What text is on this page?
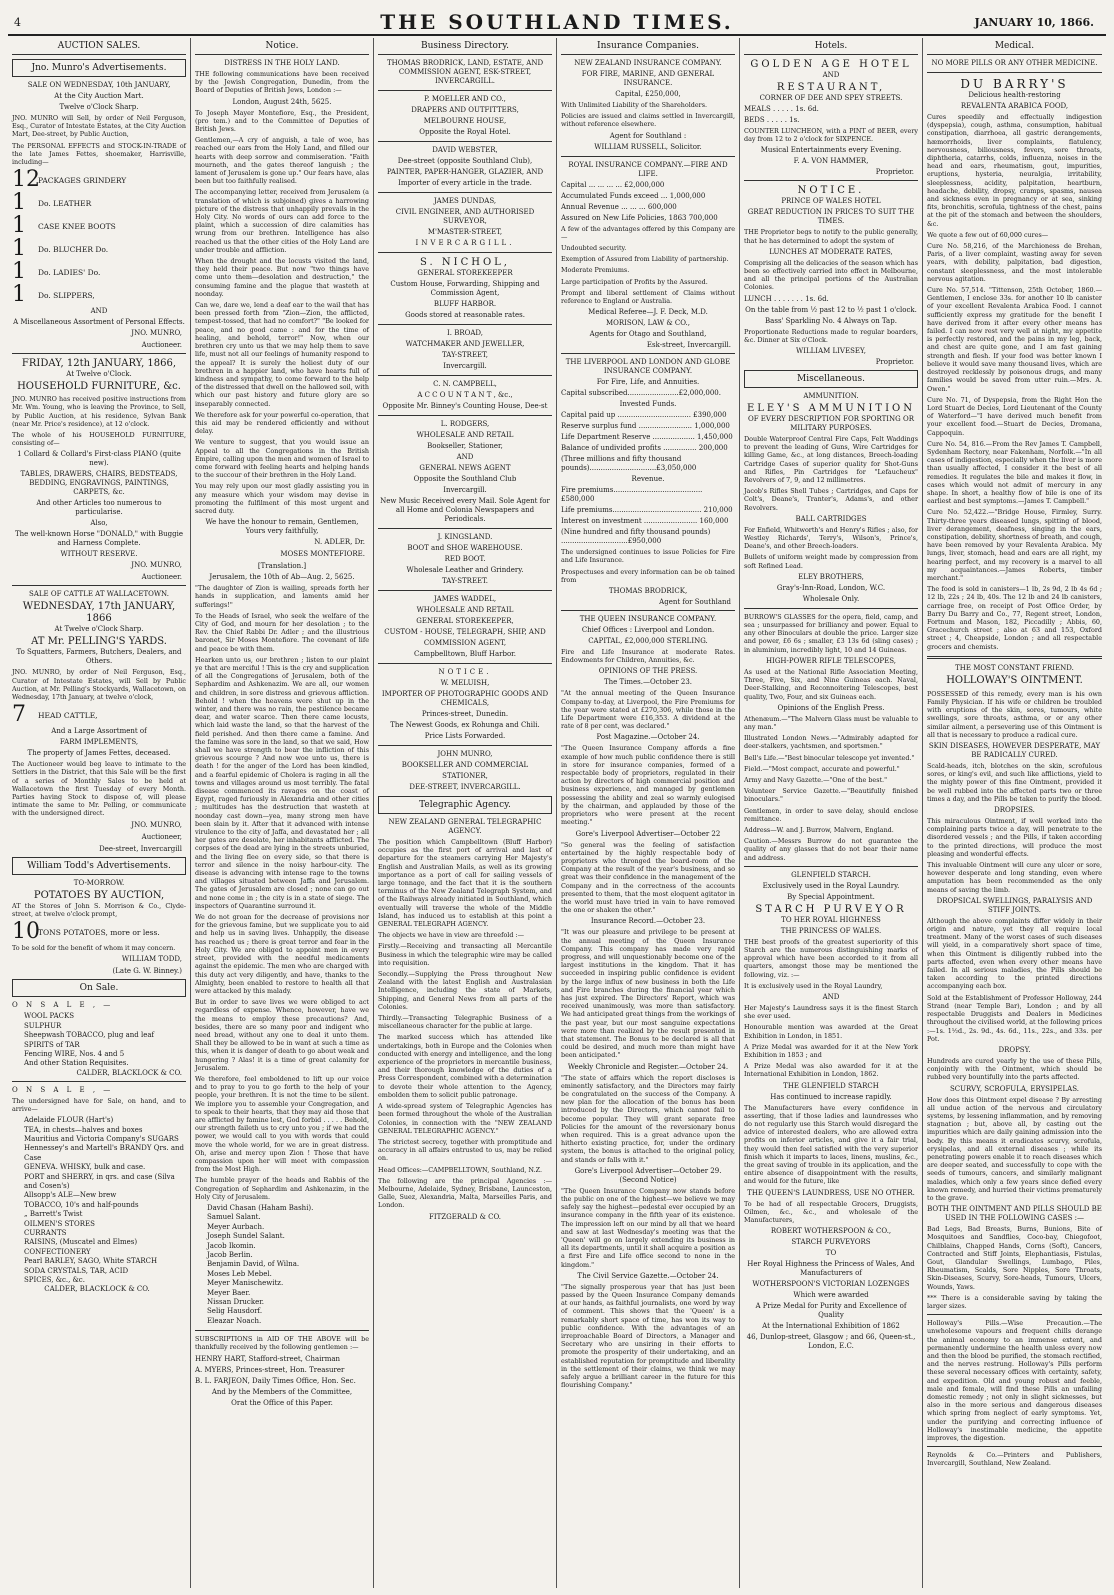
4	THE SOUTHLAND TIMES.	JANUARY 10, 1866.
AUCTION SALES.
Jno. Munro's Advertisements.

SALE ON WEDNESDAY, 10th JANUARY,

At the City Auction Mart.

Twelve o'Clock Sharp.

JNO. MUNRO will Sell, by order of Neil Ferguson, Esq., Curator of Intestate Estates, at the City Auction Mart, Dee-street, by Public Auction,

The PERSONAL EFFECTS and STOCK-IN-TRADE of the late James Fettes, shoemaker, Harrisville, including—

12
PACKAGES GRINDERY
1	Do. LEATHER
1	CASE KNEE BOOTS
1	Do. BLUCHER Do.
1	Do. LADIES' Do.
1	Do. SLIPPERS,

AND

A Miscellaneous Assortment of Personal Effects.

JNO. MUNRO,

Auctioneer.

FRIDAY, 12th JANUARY, 1866,

At Twelve o'Clock.

HOUSEHOLD FURNITURE, &c.

JNO. MUNRO has received positive instructions from Mr. Wm. Young, who is leaving the Province, to Sell, by Public Auction, at his residence, Sylvan Bank (near Mr. Price's residence), at 12 o'clock.

The whole of his HOUSEHOLD FURNITURE, consisting of—

1 Collard & Collard's First-class PIANO (quite new).

TABLES, DRAWERS, CHAIRS, BEDSTEADS, BEDDING, ENGRAVINGS, PAINTINGS, CARPETS, &c.

And other Articles too numerous to particularise.

Also,

The well-known Horse "DONALD," with Buggie and Harness Complete.

WITHOUT RESERVE.

JNO. MUNRO,

Auctioneer.

SALE OF CATTLE AT WALLACETOWN.

WEDNESDAY, 17th JANUARY, 1866

At Twelve o'Clock Sharp.

AT Mr. PELLING'S YARDS.

To Squatters, Farmers, Butchers, Dealers, and Others.

JNO. MUNRO, by order of Neil Ferguson, Esq., Curator of Intestate Estates, will Sell by Public Auction, at Mr. Pelling's Stockyards, Wallacetown, on Wednesday, 17th January, at twelve o'clock,

7	HEAD CATTLE,

And a Large Assortment of

FARM IMPLEMENTS,

The property of James Fettes, deceased.

The Auctioneer would beg leave to intimate to the Settlers in the District, that this Sale will be the first of a series of Monthly Sales to be held at Wallacetown the first Tuesday of every Month. Parties having Stock to dispose of, will please intimate the same to Mr. Pelling, or communicate with the undersigned direct.

JNO. MUNRO,

Auctioneer,

Dee-street, Invercargill

William Todd's Advertisements.

TO-MORROW.

POTATOES BY AUCTION,

AT the Stores of John S. Morrison & Co., Clyde-street, at twelve o'clock prompt,

10
TONS POTATOES, more or less.

To be sold for the benefit of whom it may concern.

WILLIAM TODD,

(Late G. W. Binney.)

On Sale.

O N S A L E , —

WOOL PACKS

SULPHUR

Sheepwash TOBACCO, plug and leaf

SPIRITS of TAR

Fencing WIRE, Nos. 4 and 5

And other Station Requisites.

CALDER, BLACKLOCK & CO.

O N S A L E , —

The undersigned have for Sale, on hand, and to arrive—

Adelaide FLOUR (Hart's)

TEA, in chests—halves and boxes

Mauritius and Victoria Company's SUGARS

Hennessey's and Martell's BRANDY Qrs. and Case

GENEVA. WHISKY, bulk and case.

PORT and SHERRY, in qrs. and case (Silva and Cosen's)

Allsopp's ALE—New brew

TOBACCO, 10's and half-pounds

„ Barrett's Twist

OILMEN'S STORES

CURRANTS

RAISINS, (Muscatel and Elmes)

CONFECTIONERY

Pearl BARLEY, SAGO, White STARCH

SODA CRYSTALS, TAR, ACID

SPICES, &c., &c.

CALDER, BLACKLOCK & CO.

Notice.

DISTRESS IN THE HOLY LAND.

THE following communications have been received by the Jewish Congregation, Dunedin, from the Board of Deputies of British Jews, London :—

London, August 24th, 5625.

To Joseph Mayer Montefiore, Esq., the President, (pro tem.) and to the Committee of Deputies of British Jews.

Gentlemen,—A cry of anguish, a tale of woe, has reached our ears from the Holy Land, and filled our hearts with deep sorrow and commiseration. "Faith mourneth, and the gates thereof languish ; the lament of Jerusalem is gone up." Our fears have, alas been but too faithfully realised.

The accompanying letter, received from Jerusalem (a translation of which is subjoined) gives a harrowing picture of the distress that unhappily prevails in the Holy City. No words of ours can add force to the plaint, which a succession of dire calamities has wrung from our brethren. Intelligence has also reached us that the other cities of the Holy Land are under trouble and affliction.

When the drought and the locusts visited the land, they held their peace. But now "two things have come unto them—desolation and destruction," the consuming famine and the plague that wasteth at noonday.

Can we, dare we, lend a deaf ear to the wail that has been pressed forth from "Zion—Zion, the afflicted, tempest-tossed, that had no comfort?" "Be looked for peace, and no good came : and for the time of healing, and behold, terror!" Now, when our brethren cry unto us that we may help them to save life, must not all our feelings of humanity respond to the appeal? It is surely the holiest duty of our brethren in a happier land, who have hearts full of kindness and sympathy, to come forward to the help of the distressed that dwell on the hallowed soil, with which our past history and future glory are so inseparably connected.

We therefore ask for your powerful co-operation, that this aid may be rendered efficiently and without delay.

We venture to suggest, that you would issue an Appeal to all the Congregations in the British Empire, calling upon the men and women of Israel to come forward with feeling hearts and helping hands to the succour of their brethren in the Holy Land.

You may rely upon our most gladly assisting you in any measure which your wisdom may devise in promoting the fulfilment of this most urgent and sacred duty.

We have the honour to remain, Gentlemen, Yours very faithfully,

N. ADLER, Dr.

MOSES MONTEFIORE.

[Translation.]

Jerusalem, the 10th of Ab—Aug. 2, 5625.

"The daughter of Zion is wailing, spreads forth her hands in supplication, and laments amid her sufferings!"

To the Heads of Israel, who seek the welfare of the City of God, and mourn for her desolation ; to the Rev. the Chief Rabbi Dr. Adler ; and the illustrious baronet, Sir Moses Montefiore. The covenant of life and peace be with them.

Hearken unto us, our brethren ; listen to our plaint ye that are merciful ! This is the cry and supplication of all the Congregations of Jerusalem, both of the Sephardim and Ashkenazim. We are all, our women and children, in sore distress and grievous affliction. Behold ! when the heavens were shut up in the winter, and there was no rain, the pestilence became dear, and water scarce. Then there came locusts, which laid waste the land, so that the harvest of the field perished. And then there came a famine. And the famine was sore in the land, so that we said, How shall we have strength to bear the infliction of this grievous scourge ? And now woe unto us, there is death ! for the anger of the Lord has been kindled, and a fearful epidemic of Cholera is raging in all the towns and villages around us most terribly. The fatal disease commenced its ravages on the coast of Egypt, raged furiously in Alexandria and other cities ; multitudes has the destruction that wasteth at noonday cast down—yea, many strong men have been slain by it. After that it advanced with intense virulence to the city of Jaffa, and devastated her ; all her gates are desolate, her inhabitants afflicted. The corpses of the dead are lying in the streets unburied, and the living flee on every side, so that there is terror and silence in the noisy harbour-city. The disease is advancing with intense rage to the towns and villages situated between Jaffa and Jerusalem. The gates of Jerusalem are closed ; none can go out and none come in ; the city is in a state of siege. The inspectors of Quarantine surround it.

We do not groan for the decrease of provisions nor for the grievous famine, but we supplicate you to aid and help us in saving lives. Unhappily, the disease has reached us ; there is great terror and fear in the Holy City. We are obliged to appoint men in every street, provided with the needful medicaments against the epidemic. The men who are charged with this duty act very diligently, and have, thanks to the Almighty, been enabled to restore to health all that were attacked by this malady.

But in order to save lives we were obliged to act regardless of expense. Whence, however, have we the means to employ these precautions? And, besides, there are so many poor and indigent who need bread, without any one to deal it unto them. Shall they be allowed to be in want at such a time as this, when it is danger of death to go about weak and hungering ? Alas! it is a time of great calamity for Jerusalem.

We therefore, feel emboldened to lift up our voice and to pray to you to go forth to the help of your people, your brethren. It is not the time to be silent. We implore you to assemble your Congregation, and to speak to their hearts, that they may aid those that are afflicted by famine lest, God forbid . . . . . Behold, our strength faileth us to cry unto you ; if we had the power, we would call to you with words that could move the whole world, for we are in great distress. Oh, arise and mercy upon Zion ! Those that have compassion upon her will meet with compassion from the Most High.

The humble prayer of the heads and Rabbis of the Congregation of Sephardim and Ashkenazim, in the Holy City of Jerusalem.

David Chasan (Haham Bashi).

Samuel Salant.

Meyer Aurbach.

Joseph Sundel Salant.

Jacob Ikomin.

Jacob Berlin.

Benjamin David, of Wilna.

Moses Leb Mebel.

Meyer Manischewitz.

Meyer Baer.

Nissan Drucker.

Selig Hausdorf.

Eleazar Noach.

SUBSCRIPTIONS in AID OF THE ABOVE will be thankfully received by the following gentlemen :—

HENRY HART, Stafford-street, Chairman

A. MYERS, Princes-street, Hon. Treasurer

B. L. FARJEON, Daily Times Office, Hon. Sec.

And by the Members of the Committee,

Orat the Office of this Paper.

Business Directory.

THOMAS BRODRICK, LAND, ESTATE, AND COMMISSION AGENT, ESK-STREET, INVERCARGILL.

P. MOELLER AND CO.,

DRAPERS AND OUTFITTERS,

MELBOURNE HOUSE,

Opposite the Royal Hotel.

DAVID WEBSTER,

Dee-street (opposite Southland Club),

PAINTER, PAPER-HANGER, GLAZIER, AND

Importer of every article in the trade.

JAMES DUNDAS,

CIVIL ENGINEER, AND AUTHORISED SURVEYOR,

M'MASTER-STREET,

INVERCARGILL.

S. NICHOL,

GENERAL STOREKEEPER

Custom House, Forwarding, Shipping and Commission Agent,

BLUFF HARBOR.

Goods stored at reasonable rates.

I. BROAD,

WATCHMAKER AND JEWELLER,

TAY-STREET,

Invercargill.

C. N. CAMPBELL,

A C C O U N T A N T , &c.,

Opposite Mr. Binney's Counting House, Dee-st

L. RODGERS,

WHOLESALE AND RETAIL

Bookseller, Stationer,

AND

GENERAL NEWS AGENT

Opposite the Southland Club

Invercargill.

New Music Received every Mail. Sole Agent for all Home and Colonia Newspapers and Periodicals.

J. KINGSLAND.

BOOT and SHOE WAREHOUSE.

RED BOOT.

Wholesale Leather and Grindery.

TAY-STREET.

JAMES WADDEL,

WHOLESALE AND RETAIL

GENERAL STOREKEEPER,

CUSTOM - HOUSE, TELEGRAPH, SHIP, AND

COMMISSION AGENT,

Campbelltown, Bluff Harbor.

NOTICE.

W. MELUISH,

IMPORTER OF PHOTOGRAPHIC GOODS AND CHEMICALS,

Princes-street, Dunedin.

The Newest Goods, ex Rohunga and Chili.

Price Lists Forwarded.

JOHN MUNRO,

BOOKSELLER AND COMMERCIAL

STATIONER,

DEE-STREET, INVERCARGILL.

Telegraphic Agency.

NEW ZEALAND GENERAL TELEGRAPHIC AGENCY.

The position which Campbelltown (Bluff Harbor) occupies as the first port of arrival and last of departure for the steamers carrying Her Majesty's English and Australian Mails, as well as its growing importance as a port of call for sailing vessels of large tonnage, and the fact that it is the southern terminus of the New Zealand Telegraph System, and of the Railways already initiated in Southland, which eventually will traverse the whole of the Middle Island, has induced us to establish at this point a GENERAL TELEGRAPH AGENCY.

The objects we have in view are threefold :—

Firstly.—Receiving and transacting all Mercantile Business in which the telegraphic wire may be called into requisition.

Secondly.—Supplying the Press throughout New Zealand with the latest English and Australasian Intelligence, including the state of Markets, Shipping, and General News from all parts of the Colonies.

Thirdly.—Transacting Telegraphic Business of a miscellaneous character for the public at large.

The marked success which has attended like undertakings, both in Europe and the Colonies when conducted with energy and intelligence, and the long experience of the proprietors in mercantile business, and their thorough knowledge of the duties of a Press Correspondent, combined with a determination to devote their whole attention to the Agency, embolden them to solicit public patronage.

A wide-spread system of Telegraphic Agencies has been formed throughout the whole of the Australian Colonies, in connection with the "NEW ZEALAND GENERAL TELEGRAPHIC AGENCY."

The strictest secrecy, together with promptitude and accuracy in all affairs entrusted to us, may be relied on.

Head Offices:—CAMPBELLTOWN, Southland, N.Z.

The following are the principal Agencies :— Melbourne, Adelaide, Sydney, Brisbane, Launceston, Galle, Suez, Alexandria, Malta, Marseilles Paris, and London.

FITZGERALD & CO.

Insurance Companies.

NEW ZEALAND INSURANCE COMPANY.

FOR FIRE, MARINE, AND GENERAL INSURANCE.

Capital, £250,000,

With Unlimited Liability of the Shareholders.

Policies are issued and claims settled in Invercargill, without reference elsewhere.

Agent for Southland :

WILLIAM RUSSELL, Solicitor.

ROYAL INSURANCE COMPANY.—FIRE AND LIFE.

Capital ... ... ... ... £2,000,000

Accumulated Funds exceed ... 1,000,000

Annual Revenue ... ... ... 600,000

Assured on New Life Policies, 1863 700,000

A few of the advantages offered by this Company are—

Undoubted security.

Exemption of Assured from Liability of partnership.

Moderate Premiums.

Large participation of Profits by the Assured.

Prompt and liberal settlement of Claims without reference to England or Australia.

Medical Referee—J. F. Deck, M.D.

MORISON, LAW & CO.,

Agents for Otago and Southland,

Esk-street, Invercargill.

THE LIVERPOOL AND LONDON AND GLOBE INSURANCE COMPANY.

For Fire, Life, and Annuities.

Capital subscribed.......................£2,000,000.

Invested Funds.

Capital paid up ................................. £390,000

Reserve surplus fund ........................ 1,000,000

Life Department Reserve ................... 1,450,000

Balance of undivided profits ............... 200,000

(Three millions and fifty thousand pounds)..............................£3,050,000

Revenue.

Fire premiums........................................£580,000

Life premiums........................................ 210,000

Interest on investment ........................ 160,000

(Nine hundred and fifty thousand pounds) ..............................£950,000

The undersigned continues to issue Policies for Fire and Life Insurance.

Prospectuses and every information can be ob tained from

THOMAS BRODRICK,

Agent for Southland

THE QUEEN INSURANCE COMPANY.

Chief Offices : Liverpool and London.

CAPITAL, £2,000,000 STERLING.

Fire and Life Insurance at moderate Rates. Endowments for Children, Annuities, &c.

OPINIONS OF THE PRESS.

The Times.—October 23.

"At the annual meeting of the Queen Insurance Company to-day, at Liverpool, the Fire Premiums for the year were stated at £270,306, while those in the Life Department were £16,353. A dividend at the rate of 8 per cent, was declared."

Post Magazine.—October 24.

"The Queen Insurance Company affords a fine example of how much public confidence there is still in store for insurance companies, formed of a respectable body of proprietors, regulated in their action by directors of high commercial position and business experience, and managed by gentlemen possessing the ability and zeal so warmly eulogised by the chairman, and applauded by those of the proprietors who were present at the recent meeting."

Gore's Liverpool Advertiser—October 22

"So general was the feeling of satisfaction entertained by the highly respectable body of proprietors who thronged the board-room of the Company at the result of the year's business, and so great was their confidence in the management of the Company and in the correctness of the accounts presented to them, that the most eloquent agitator in the world must have tried in vain to have removed the one or shaken the other."

Insurance Record.—October 23.

"It was our pleasure and privilege to be present at the annual meeting of the Queen Insurance Company. This company has made very rapid progress, and will unquestionably become one of the largest institutions in the kingdom. That it has succeeded in inspiring public confidence is evident by the large influx of new business in both the Life and Fire branches during the financial year which has just expired. The Directors' Report, which was received unanimously, was more than satisfactory. We had anticipated great things from the workings of the past year, but our most sanguine expectations were more than realized by the result presented in that statement. The Bonus to be declared is all that could be desired, and much more than might have been anticipated."

Weekly Chronicle and Register.—October 24.

"The state of affairs which the report discloses is eminently satisfactory, and the Directors may fairly be congratulated on the success of the Company. A new plan for the allocation of the bonus has been introduced by the Directors, which cannot fail to become popular. They will grant separate free Policies for the amount of the reversionary bonus when required. This is a great advance upon the hitherto existing practice, for, under the ordinary system, the bonus is attached to the original policy, and stands or falls with it."

Gore's Liverpool Advertiser—October 29. (Second Notice)

"The Queen Insurance Company now stands before the public on one of the highest—we believe we may safely say the highest—pedestal ever occupied by an insurance company in the fifth year of its existence. The impression left on our mind by all that we heard and saw at last Wednesday's meeting was that the 'Queen' will go on largely extending its business in all its departments, until it shall acquire a position as a first Fire and Life office second to none in the kingdom."

The Civil Service Gazette.—October 24.

"The signally prosperous year that has just been passed by the Queen Insurance Company demands at our hands, as faithful journalists, one word by way of comment. This shows that the 'Queen' is a remarkably short space of time, has won its way to public confidence. With the advantages of an irreproachable Board of Directors, a Manager and Secretary who are unsiring in their efforts to promote the prosperity of their undertaking, and an established reputation for promptitude and liberality in the settlement of their claims, we think we may safely argue a brilliant career in the future for this flourishing Company."

Hotels.

GOLDEN AGE HOTEL

AND

RESTAURANT,

CORNER OF DEE AND SPEY STREETS.

MEALS . . . . . 1s. 6d.

BEDS . . . . . 1s.

COUNTER LUNCHEON, with a PINT of BEER, every day from 12 to 2 o'clock for SIXPENCE.

Musical Entertainments every Evening.

F. A. VON HAMMER,

Proprietor.

NOTICE.

PRINCE OF WALES HOTEL

GREAT REDUCTION IN PRICES TO SUIT THE TIMES.

THE Proprietor begs to notify to the public generally, that he has determined to adopt the system of

LUNCHES AT MODERATE RATES,

Comprising all the delicacies of the season which has been so effectively carried into effect in Melbourne, and all the principal portions of the Australian Colonies.

LUNCH . . . . . . . 1s. 6d.

On the table from ½ past 12 to ½ past 1 o'clock.

Bass' Sparkling No. 4 Always on Tap.

Proportionate Reductions made to regular boarders, &c. Dinner at Six o'Clock.

WILLIAM LIVESEY,

Proprietor.

Miscellaneous.

AMMUNITION.

ELEY'S AMMUNITION

OF EVERY DESCRIPTION FOR SPORTING OR MILITARY PURPOSES.

Double Waterproof Central Fire Caps, Felt Waddings to prevent the leading of Guns, Wire Cartridges for killing Game, &c., at long distances, Breech-loading Cartridge Cases of superior quality for Shot-Guns and Rifles, Pin Cartridges for "Lefaucheux" Revolvers of 7, 9, and 12 millimetres.

Jacob's Rifles Shell Tubes ; Cartridges, and Caps for Colt's, Deane's, Tranter's, Adams's, and other Revolvers.

BALL CARTRIDGES

For Enfield, Whitworth's and Henry's Rifles ; also, for Westley Richards', Terry's, Wilson's, Prince's, Deane's, and other Breech-loaders.

Bullets of uniform weight made by compression from soft Refined Lead.

ELEY BROTHERS,

Gray's-Inn-Road, London, W.C.

Wholesale Only.

BURROW'S GLASSES for the opera, field, camp, and sea ; unsurpassed for brilliancy and power. Equal to any other Binoculars at double the price. Larger size and power, £6 6s ; smaller, £3 13s 6d (sling cases) ; in aluminium, incredibly light, 10 and 14 Guineas.

HIGH-POWER RIFLE TELESCOPES,

As used at the National Rifle Association Meeting, Three, Five, Six, and Nine Guineas each. Naval, Deer-Stalking, and Reconnoitering Telescopes, best quality, Two, Four, and six Guineas each.

Opinions of the English Press.

Athenæum.—"The Malvern Glass must be valuable to any man."

Illustrated London News.—"Admirably adapted for deer-stalkers, yachtsmen, and sportsmen."

Bell's Life.—"Best binocular telescope yet invented."

Field.—"Most compact, accurate and powerful."

Army and Navy Gazette.—"One of the best."

Volunteer Service Gazette.—"Beautifully finished binoculars."

Gentlemen, in order to save delay, should enclose remittance.

Address—W. and J. Burrow, Malvern, England.

Caution.—Messrs Burrow do not guarantee the quality of any glasses that do not bear their name and address.

GLENFIELD STARCH.

Exclusively used in the Royal Laundry.

By Special Appointment.

STARCH PURVEYOR

TO HER ROYAL HIGHNESS

THE PRINCESS OF WALES.

THE best proofs of the greatest superiority of this Starch are the numerous distinguishing marks of approval which have been accorded to it from all quarters, amongst those may be mentioned the following, viz. :—

It is exclusively used in the Royal Laundry,

AND

Her Majesty's Laundress says it is the finest Starch she ever used.

Honourable mention was awarded at the Great Exhibition in London, in 1851.

A Prize Medal was awarded for it at the New York Exhibition in 1853 ; and

A Prize Medal was also awarded for it at the International Exhibition in London, 1862.

THE GLENFIELD STARCH

Has continued to increase rapidly.

The Manufacturers have every confidence in asserting, that if those ladies and laundresses who do not regularly use this Starch would disregard the advice of interested dealers, who are allowed extra profits on inferior articles, and give it a fair trial, they would then feel satisfied with the very superior finish which it imparts to laces, linens, muslins, &c., the great saving of trouble in its application, and the entire absence of disappointment with the results, and would for the future, like

THE QUEEN'S LAUNDRESS, USE NO OTHER.

To be had of all respectable Grocers, Druggists, Oilmen, &c., &c., and wholesale of the Manufacturers,

ROBERT WOTHERSPOON & CO.,

STARCH PURVEYORS

TO

Her Royal Highness the Princess of Wales, And Manufacturers of

WOTHERSPOON'S VICTORIAN LOZENGES

Which were awarded

A Prize Medal for Purity and Excellence of Quality

At the International Exhibition of 1862

46, Dunlop-street, Glasgow ; and 66, Queen-st., London, E.C.

Medical.

NO MORE PILLS OR ANY OTHER MEDICINE.

DU BARRY'S

Delicious health-restoring

REVALENTA ARABICA FOOD,

Cures speedily and effectually indigestion (dyspepsia), cough, asthma, consumption, habitual constipation, diarrhoea, all gastric derangements, hæmorrhoids, liver complaints, flatulency, nervousness, biliousness, fevers, sore throats, diphtheria, catarrhs, colds, influenza, noises in the head and ears, rheumatism, gout, impurities, eruptions, hysteria, neuralgia, irritability, sleeplessness, acidity, palpitation, heartburn, headache, debility, dropsy, cramps, spasms, nausea and sickness even in pregnancy or at sea, sinking fits, bronchitis, scrofula, tightness of the chest, pains at the pit of the stomach and between the shoulders, &c.

We quote a few out of 60,000 cures—

Cure No. 58,216, of the Marchioness de Brehan, Paris, of a liver complaint, wasting away for seven years, with debility, palpitation, bad digestion, constant sleeplessness, and the most intolerable nervous agitation.

Cure No. 57,514. "Tittenson, 25th October, 1860.—Gentlemen, I enclose 33s. for another 10 lb canister of your excellent Revalenta Arabica Food. I cannot sufficiently express my gratitude for the benefit I have derived from it after every other means has failed. I can now rest very well at night, my appetite is perfectly restored, and the pains in my leg, back, and chest are quite gone, and I am fast gaining strength and flesh. If your food was better known I believe it would save many thousand lives, which are destroyed recklessly by poisonous drugs, and many families would be saved from utter ruin.—Mrs. A. Owen."

Cure No. 71, of Dyspepsia, from the Right Hon the Lord Stuart de Decies, Lord Lieutenant of the County of Waterford—"I have derived much benefit from your excellent food.—Stuart de Decies, Dromana, Cappoquin.

Cure No. 54, 816.—From the Rev James T. Campbell, Sydenham Rectory, near Fakenham, Norfolk.—"In all cases of indigestion, especially when the liver is more than usually affected, I consider it the best of all remedies. It regulates the bile and makes it flow, in cases which would not admit of mercury in any shape. In short, a healthy flow of bile is one of its earliest and best symptoms.—James T. Campbell."

Cure No. 52,422.—"Bridge House, Firmley, Surry. Thirty-three years diseased lungs, spitting of blood, liver derangement, deafness, singing in the ears, constipation, debility, shortness of breath, and cough, have been removed by your Revalenta Arabica. My lungs, liver, stomach, head and ears are all right, my hearing perfect, and my recovery is a marvel to all my acquaintances.—James Roberts, timber merchant."

The food is sold in canisters—1 lb, 2s 9d, 2 lb 4s 6d ; 12 lb, 22s ; 24 lb, 40s. The 12 lb and 24 lb canisters, carriage free, on receipt of Post Office Order, by Barry Du Barry and Co., 77, Regent street, London, Fortnum and Mason, 182, Piccadilly ; Abbis, 60, Gracechurch street ; also at 63 and 153, Oxford street ; 4, Cheapside, London ; and all respectable grocers and chemists.

THE MOST CONSTANT FRIEND.

HOLLOWAY'S OINTMENT.

POSSESSED of this remedy, every man is his own Family Physician. If his wife or children be troubled with eruptions of the skin, sores, tumours, white swellings, sore throats, asthma, or or any other similar ailment, a persevering use of this Ointment is all that is necessary to produce a radical cure.

SKIN DISEASES, HOWEVER DESPERATE, MAY BE RADICALLY CURED.

Scald-heads, itch, blotches on the skin, scrofulous sores, or king's evil, and such like afflictions, yield to the mighty power of this fine Ointment, provided it be well rubbed into the affected parts two or three times a day, and the Pills be taken to purify the blood.

DROPSIES.

This miraculous Ointment, if well worked into the complaining parts twice a day, will penetrate to the disordered vessels ; and the Pills, if taken according to the printed directions, will produce the most pleasing and wonderful effects.

This invaluable Ointment will cure any ulcer or sore, however desperate and long standing, even where amputation has been recommended as the only means of saving the limb.

DROPSICAL SWELLINGS, PARALYSIS AND STIFF JOINTS.

Although the above complaints differ widely in their origin and nature, yet they all require local treatment. Many of the worst cases of such diseases will yield, in a comparatively short space of time, when this Ointment is diligently rubbed into the parts affected, even when every other means have failed. In all serious maladies, the Pills should be taken according to the printed directions accompanying each box.

Sold at the Establishment of Professor Holloway, 244 Strand (near Temple Bar), London ; and by all respectable Druggists and Dealers in Medicines throughout the civilised world, at the following prices :—1s. 1½d., 2s. 9d., 4s. 6d., 11s., 22s., and 33s. per Pot.

DROPSY.

Hundreds are cured yearly by the use of these Pills, conjointly with the Ointment, which should be rubbed very bountifully into the parts affected.

SCURVY, SCROFULA, ERYSIPELAS.

How does this Ointment expel disease ? By arresting all undue action of the nervous and circulatory systems, by lessening inflammation, and by removing stagnation ; but, above all, by casting out the impurities which are daily gaining admission into the body. By this means it eradicates scurvy, scrofula, erysipelas, and all external diseases ; while its penetrating powers enable it to reach diseases which are deeper seated, and successfully to cope with the seeds of tumours, cancers, and similarly malignant maladies, which only a few years since defied every known remedy, and hurried their victims prematurely to the grave.

BOTH THE OINTMENT AND PILLS SHOULD BE USED IN THE FOLLOWING CASES :—

Bad Legs, Bad Breasts, Burns, Bunions, Bite of Mosquitoes and Sandflies, Coco-bay, Chiegofoot, Chilblains, Chapped Hands, Corns (Soft), Cancers, Contracted and Stiff Joints, Elephantiasis, Fistulas, Gout, Glandular Swellings, Lumbago, Piles, Rheumatism, Scalds, Sore Nipples, Sore Throats, Skin-Diseases, Scurvy, Sore-heads, Tumours, Ulcers, Wounds, Yaws.

*** There is a considerable saving by taking the larger sizes.

Holloway's Pills.—Wise Precaution.—The unwholesome vapours and frequent chills derange the animal economy to an immense extent, and permanently undermine the health unless every now and then the blood be purified, the stomach rectified, and the nerves restrung. Holloway's Pills perform these several necessary offices with certainty, safety, and expedition. Old and young robust and feeble, male and female, will find these Pills an unfailing domestic remedy ; not only in slight sicknesses, but also in the more serious and dangerous diseases which spring from neglect of early symptoms. Yet, under the purifying and correcting influence of Holloway's inestimable medicine, the appetite improves, the digestion.

Reynolds & Co.—Printers and Publishers, Invercargill, Southland, New Zealand.
